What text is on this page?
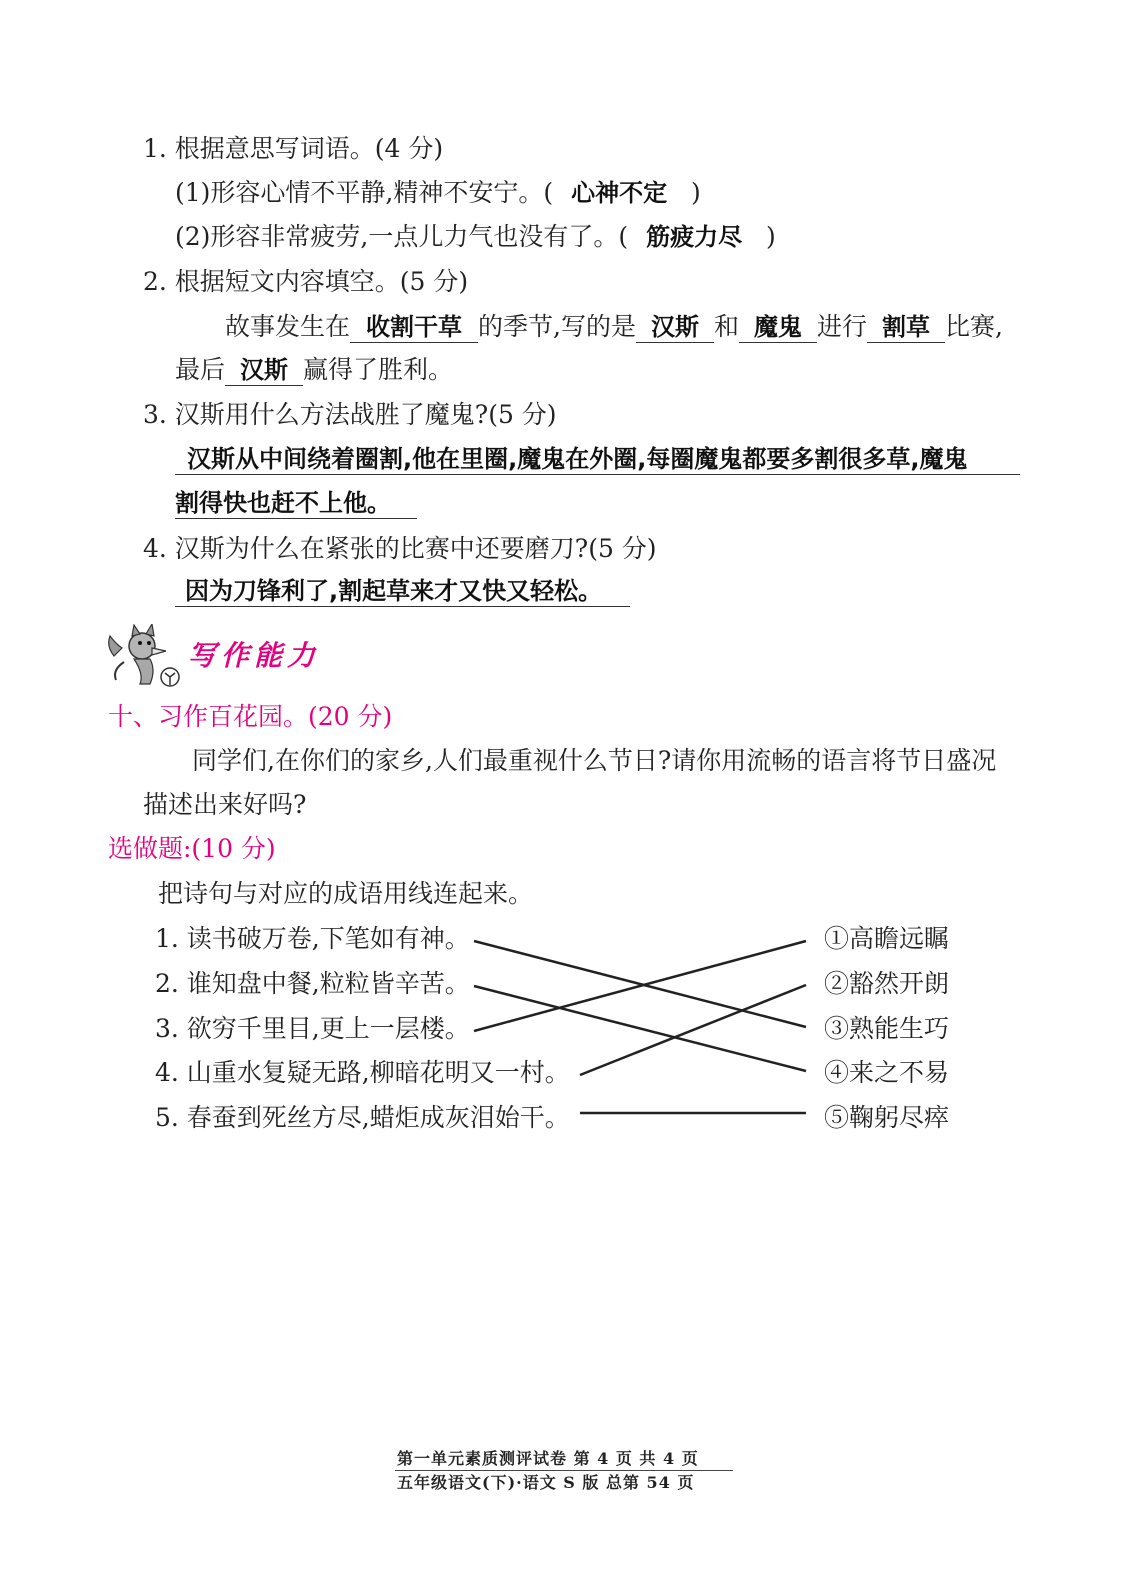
1. 根据意思写词语。(4 分)
(1)形容心情不平静,精神不安宁。( 心神不定 )
(2)形容非常疲劳,一点儿力气也没有了。( 筋疲力尽 )
2. 根据短文内容填空。(5 分)
故事发生在 收割干草 的季节,写的是 汉斯 和 魔鬼 进行 割草 比赛,
最后 汉斯 赢得了胜利。
3. 汉斯用什么方法战胜了魔鬼?(5 分)
汉斯从中间绕着圈割,他在里圈,魔鬼在外圈,每圈魔鬼都要多割很多草,魔鬼
割得快也赶不上他。
4. 汉斯为什么在紧张的比赛中还要磨刀?(5 分)
因为刀锋利了,割起草来才又快又轻松。
写作能力
十、习作百花园。(20 分)
同学们,在你们的家乡,人们最重视什么节日?请你用流畅的语言将节日盛况
描述出来好吗?
选做题:(10 分)
把诗句与对应的成语用线连起来。
1. 读书破万卷,下笔如有神。
2. 谁知盘中餐,粒粒皆辛苦。
3. 欲穷千里目,更上一层楼。
4. 山重水复疑无路,柳暗花明又一村。
5. 春蚕到死丝方尽,蜡炬成灰泪始干。
①高瞻远瞩
②豁然开朗
③熟能生巧
④来之不易
⑤鞠躬尽瘁
第一单元素质测评试卷 第 4 页 共 4 页
五年级语文(下)·语文 S 版 总第 54 页
